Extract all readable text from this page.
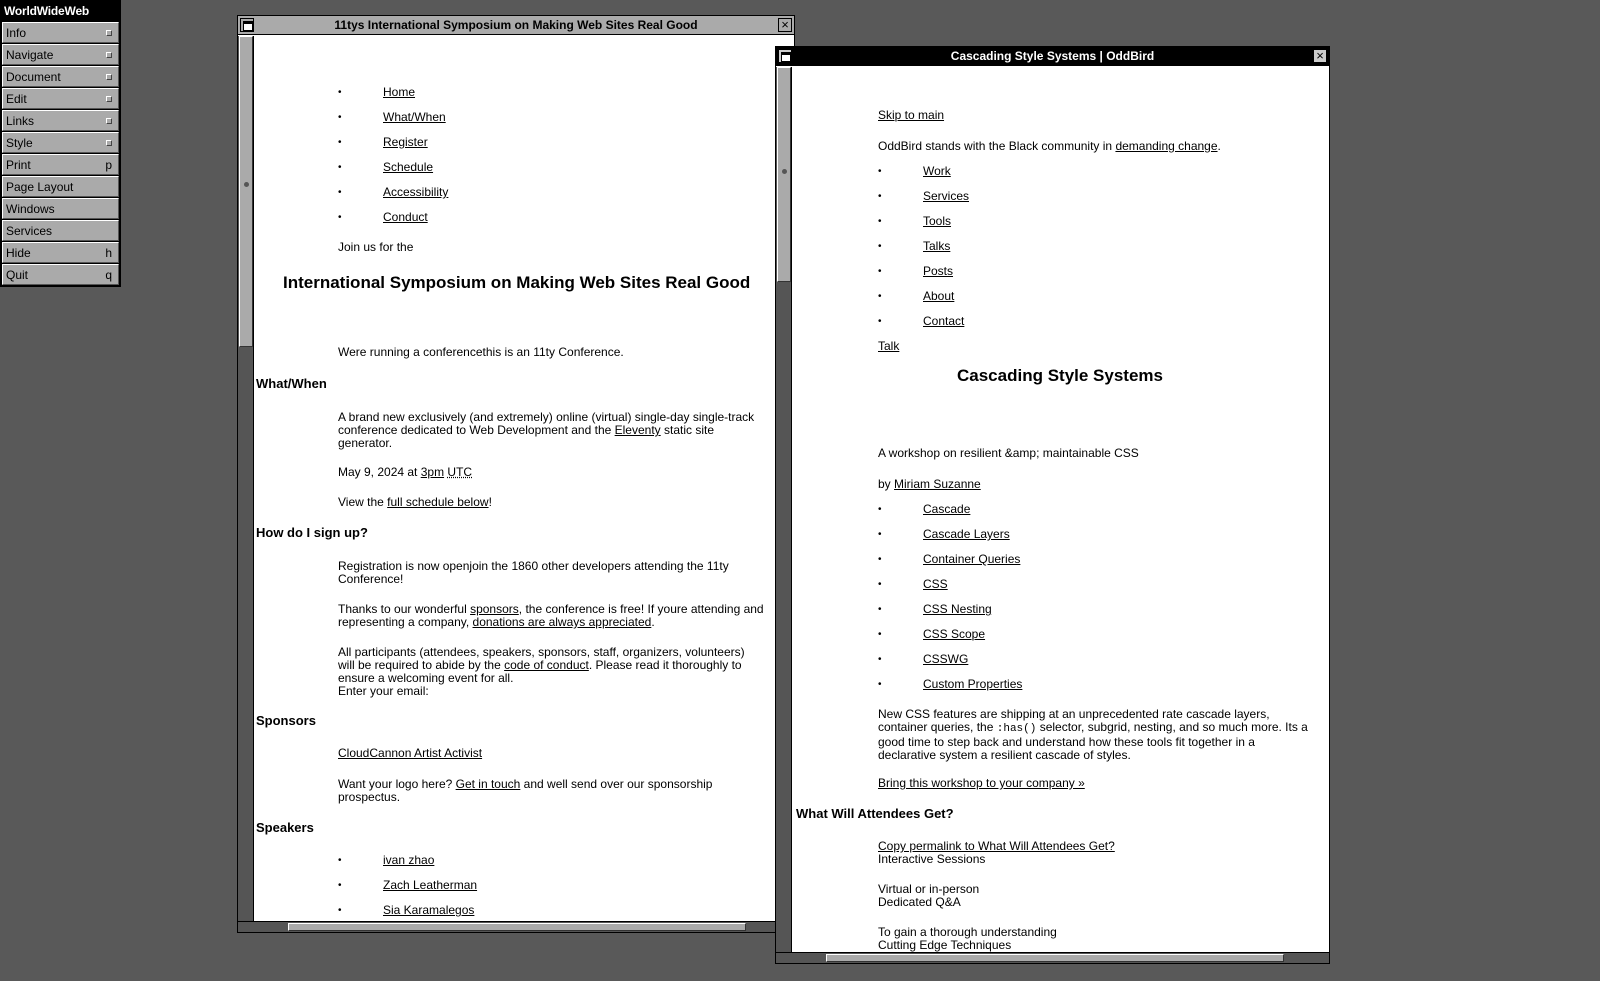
WorldWideWeb
Info
Navigate
Document
Edit
Links
Style
Print	p
Page Layout
Windows
Services
Hide	h
Quit	q
11tys International Symposium on Making Web Sites Real Good	×
•	Home
•	What/When
•	Register
•	Schedule
•	Accessibility
•	Conduct
Join us for the
International Symposium on Making Web Sites Real Good
Were running a conferencethis is an 11ty Conference.
What/When
A brand new exclusively (and extremely) online (virtual) single-day single-track
conference dedicated to Web Development and the Eleventy static site
generator.
May 9, 2024 at 3pm UTC
View the full schedule below!
How do I sign up?
Registration is now openjoin the 1860 other developers attending the 11ty
Conference!
Thanks to our wonderful sponsors, the conference is free! If youre attending and
representing a company, donations are always appreciated.
All participants (attendees, speakers, sponsors, staff, organizers, volunteers)
will be required to abide by the code of conduct. Please read it thoroughly to
ensure a welcoming event for all.
Enter your email:
Sponsors
CloudCannon Artist Activist
Want your logo here? Get in touch and well send over our sponsorship
prospectus.
Speakers
•	ivan zhao
•	Zach Leatherman
•	Sia Karamalegos
Cascading Style Systems | OddBird	×
Skip to main
OddBird stands with the Black community in demanding change.
•	Work
•	Services
•	Tools
•	Talks
•	Posts
•	About
•	Contact
Talk
Cascading Style Systems
A workshop on resilient &amp; maintainable CSS
by Miriam Suzanne
•	Cascade
•	Cascade Layers
•	Container Queries
•	CSS
•	CSS Nesting
•	CSS Scope
•	CSSWG
•	Custom Properties
New CSS features are shipping at an unprecedented rate cascade layers,
container queries, the :has() selector, subgrid, nesting, and so much more. Its a
good time to step back and understand how these tools fit together in a
declarative system a resilient cascade of styles.
Bring this workshop to your company »
What Will Attendees Get?
Copy permalink to What Will Attendees Get?
Interactive Sessions
Virtual or in-person
Dedicated Q&A
To gain a thorough understanding
Cutting Edge Techniques
